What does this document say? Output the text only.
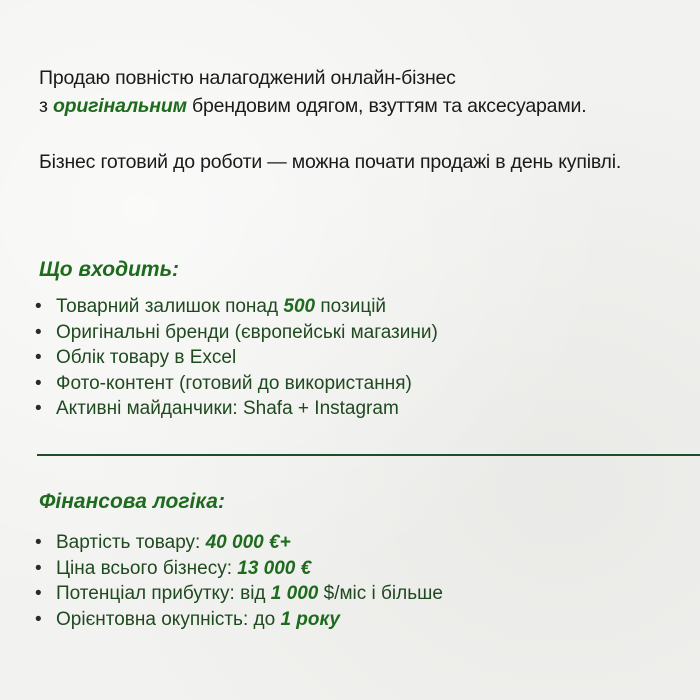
Продаю повністю налагоджений онлайн-бізнес
з оригінальним брендовим одягом, взуттям та аксесуарами.

Бізнес готовий до роботи — можна почати продажі в день купівлі.

Що входить:
• Товарний залишок понад 500 позицій
• Оригінальні бренди (європейські магазини)
• Облік товару в Excel
• Фото-контент (готовий до використання)
• Активні майданчики: Shafa + Instagram
Фінансова логіка:
• Вартість товару: 40 000 €+
• Ціна всього бізнесу: 13 000 €
• Потенціал прибутку: від 1 000 $/міс і більше
• Орієнтовна окупність: до 1 року
